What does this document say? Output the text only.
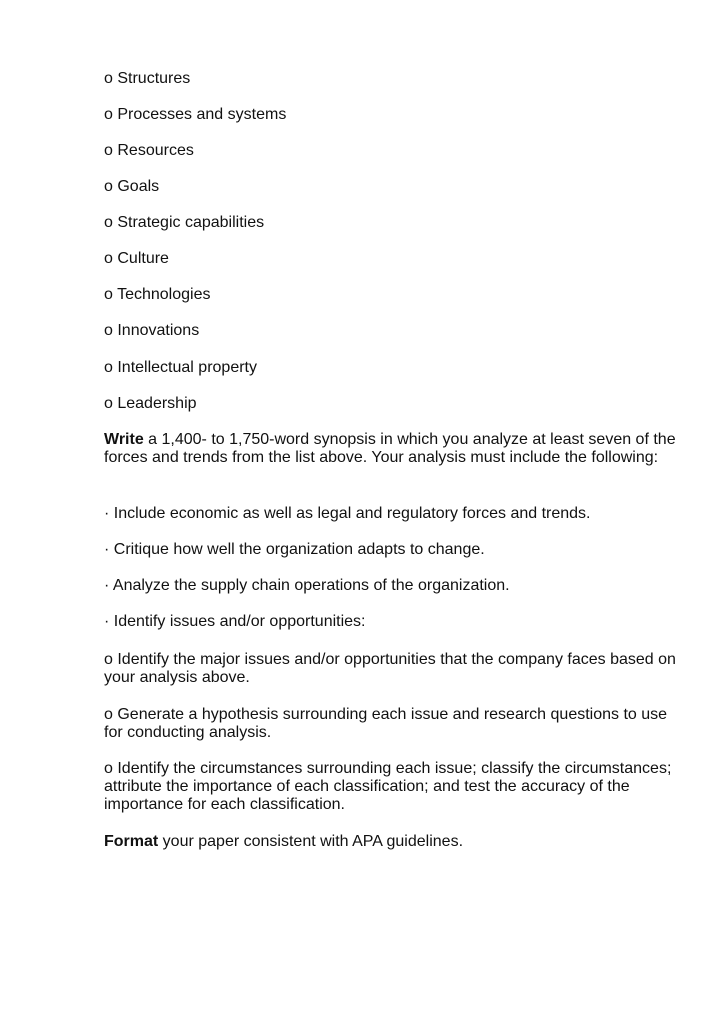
o Structures
o Processes and systems
o Resources
o Goals
o Strategic capabilities
o Culture
o Technologies
o Innovations
o Intellectual property
o Leadership
Write a 1,400- to 1,750-word synopsis in which you analyze at least seven of the forces and trends from the list above. Your analysis must include the following:
· Include economic as well as legal and regulatory forces and trends.
· Critique how well the organization adapts to change.
· Analyze the supply chain operations of the organization.
· Identify issues and/or opportunities:
o Identify the major issues and/or opportunities that the company faces based on your analysis above.
o Generate a hypothesis surrounding each issue and research questions to use for conducting analysis.
o Identify the circumstances surrounding each issue; classify the circumstances; attribute the importance of each classification; and test the accuracy of the importance for each classification.
Format your paper consistent with APA guidelines.
